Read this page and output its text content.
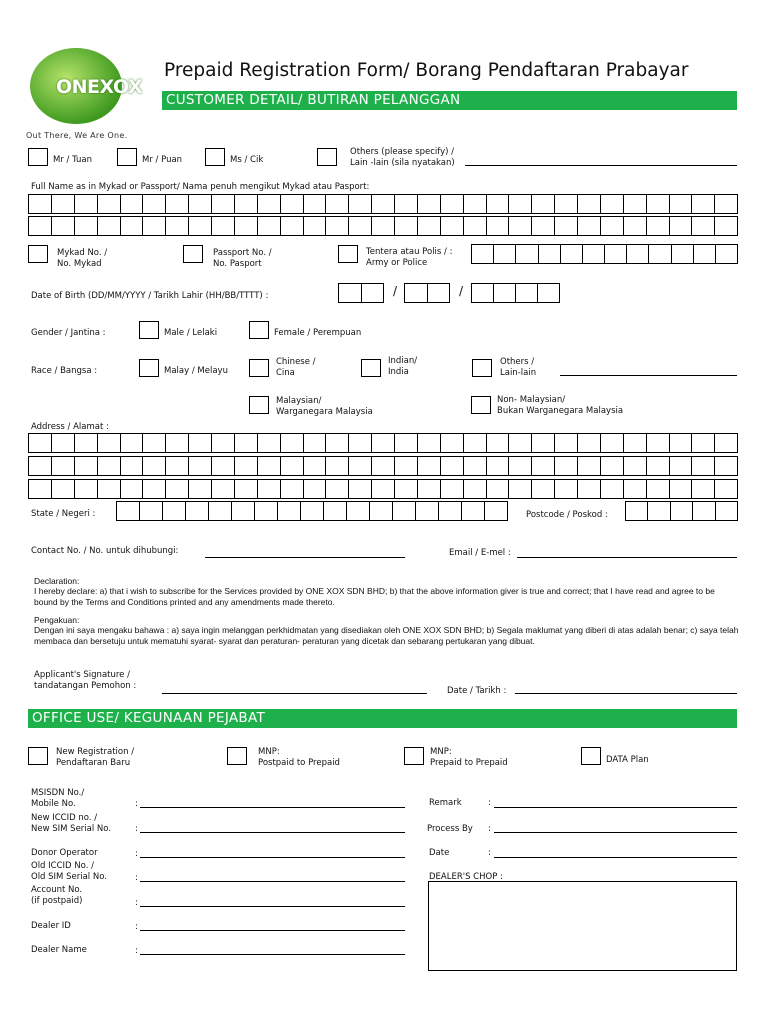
ONEXOX
Out There, We Are One.
Prepaid Registration Form/ Borang Pendaftaran Prabayar
CUSTOMER DETAIL/ BUTIRAN PELANGGAN
Mr / Tuan	Mr / Puan	Ms / Cik
Others (please specify) /
Lain -lain (sila nyatakan)
Full Name as in Mykad or Passport/ Nama penuh mengikut Mykad atau Pasport:
Mykad No. /
No. Mykad
Passport No. /
No. Pasport
Tentera atau Polis / :
Army or Police
Date of Birth (DD/MM/YYYY / Tarikh Lahir (HH/BB/TTTT) :	/	/
Gender / Jantina :	Male / Lelaki	Female / Perempuan
Race / Bangsa :	Malay / Melayu
Chinese /
Cina
Indian/
India
Others /
Lain-lain
Malaysian/
Warganegara Malaysia
Non- Malaysian/
Bukan Warganegara Malaysia
Address / Alamat :
State / Negeri :	Postcode / Poskod :
Contact No. / No. untuk dihubungi:	Email / E-mel :
Declaration:
I hereby declare: a) that i wish to subscribe for the Services provided by ONE XOX SDN BHD; b) that the above information giver is true and correct; that I have read and agree to be bound by the Terms and Conditions printed and any amendments made thereto.
Pengakuan:
Dengan ini saya mengaku bahawa : a) saya ingin melanggan perkhidmatan yang disediakan oleh ONE XOX SDN BHD; b) Segala maklumat yang diberi di atas adalah benar; c) saya telah membaca dan bersetuju untuk mematuhi syarat- syarat dan peraturan- peraturan yang dicetak dan sebarang pertukaran yang dibuat.
Applicant's Signature /
tandatangan Pemohon :	Date / Tarikh :
OFFICE USE/ KEGUNAAN PEJABAT
New Registration /
Pendaftaran Baru
MNP:
Postpaid to Prepaid
MNP:
Prepaid to Prepaid	DATA Plan
MSISDN No./
Mobile No.	:
New ICCID no. /
New SIM Serial No.	:
Donor Operator	:
Old ICCID No. /
Old SIM Serial No.	:
Account No.
(if postpaid)	:
Dealer ID	:
Dealer Name	:
Remark	:
Process By :
Date	:
DEALER'S CHOP :
